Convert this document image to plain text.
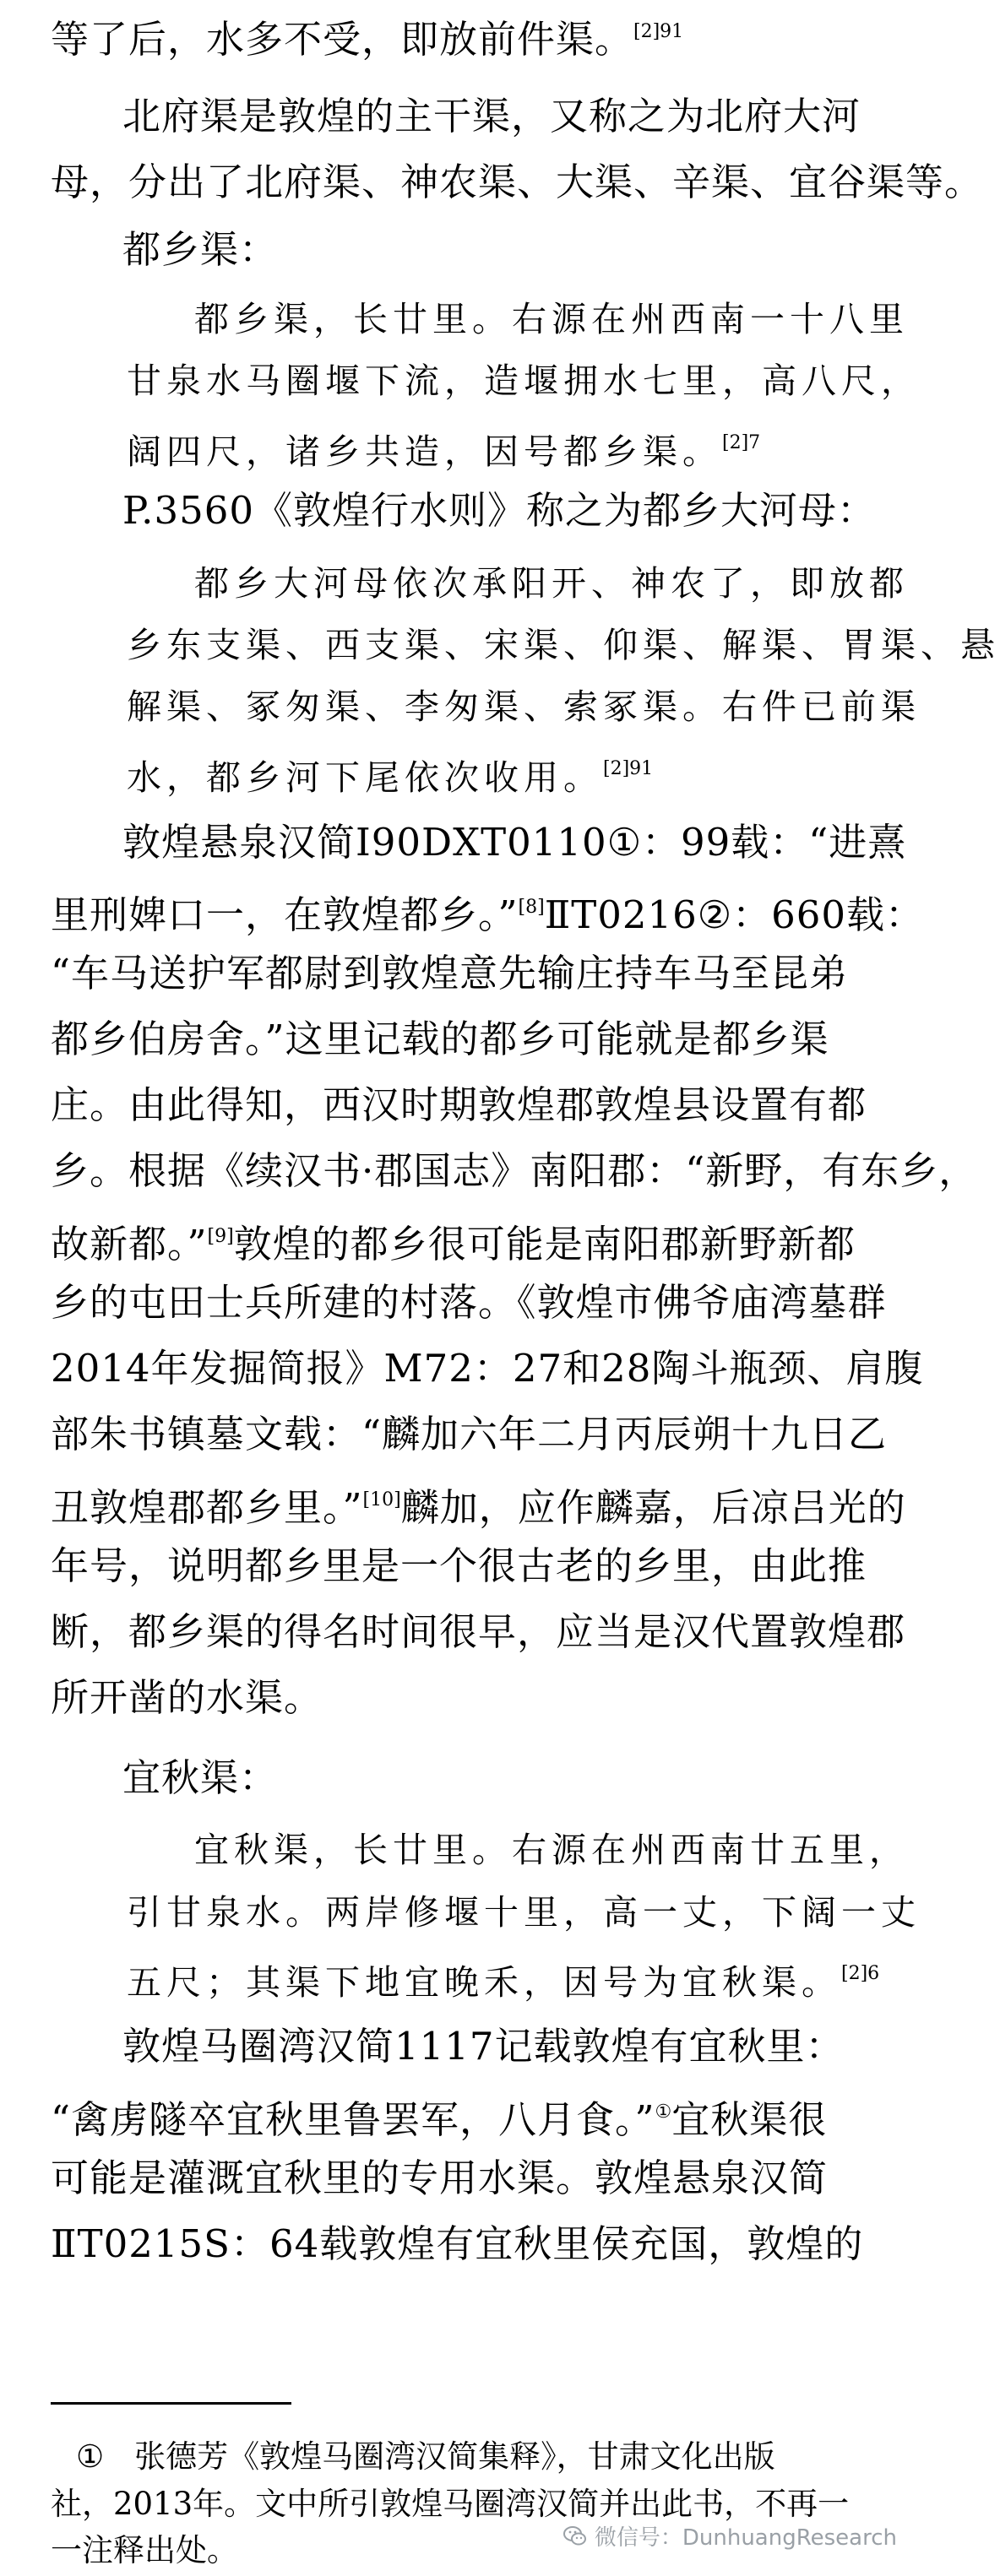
等了后，水多不受，即放前件渠。$^{[2]91}$
北府渠是敦煌的主干渠，又称之为北府大河
母，分出了北府渠、神农渠、大渠、辛渠、宜谷渠等。
都乡渠：
都乡渠，长廿里。右源在州西南一十八里
甘泉水马圈堰下流，造堰拥水七里，高八尺，
阔四尺，诸乡共造，因号都乡渠。$^{[2]7}$
P.3560《敦煌行水则》称之为都乡大河母：
都乡大河母依次承阳开、神农了，即放都
乡东支渠、西支渠、宋渠、仰渠、解渠、胃渠、悬
解渠、冢匆渠、李匆渠、索冢渠。右件已前渠
水，都乡河下尾依次收用。$^{[2]91}$
敦煌悬泉汉简Ⅰ90DXT0110①：99载：“进熹
里刑婢口一，在敦煌都乡。”[8]ⅡT0216②：660载：
“车马送护军都尉到敦煌意先输庄持车马至昆弟
都乡伯房舍。”这里记载的都乡可能就是都乡渠
庄。由此得知，西汉时期敦煌郡敦煌县设置有都
乡。根据《续汉书·郡国志》南阳郡：“新野，有东乡，
故新都。”[9]敦煌的都乡很可能是南阳郡新野新都
乡的屯田士兵所建的村落。《敦煌市佛爷庙湾墓群
2014年发掘简报》M72：27和28陶斗瓶颈、肩腹
部朱书镇墓文载：“麟加六年二月丙辰朔十九日乙
丑敦煌郡都乡里。”[10]麟加，应作麟嘉，后凉吕光的
年号，说明都乡里是一个很古老的乡里，由此推
断，都乡渠的得名时间很早，应当是汉代置敦煌郡
所开凿的水渠。
宜秋渠：
宜秋渠，长廿里。右源在州西南廿五里，
引甘泉水。两岸修堰十里，高一丈，下阔一丈
五尺；其渠下地宜晚禾，因号为宜秋渠。$^{[2]6}$
敦煌马圈湾汉简1117记载敦煌有宜秋里：
“禽虏隧卒宜秋里鲁罢军，八月食。”①宜秋渠很
可能是灌溉宜秋里的专用水渠。敦煌悬泉汉简
ⅡT0215S：64载敦煌有宜秋里侯充国，敦煌的
① 张德芳《敦煌马圈湾汉简集释》，甘肃文化出版
社，2013年。文中所引敦煌马圈湾汉简并出此书，不再一
一注释出处。	微信号：DunhuangResearch
